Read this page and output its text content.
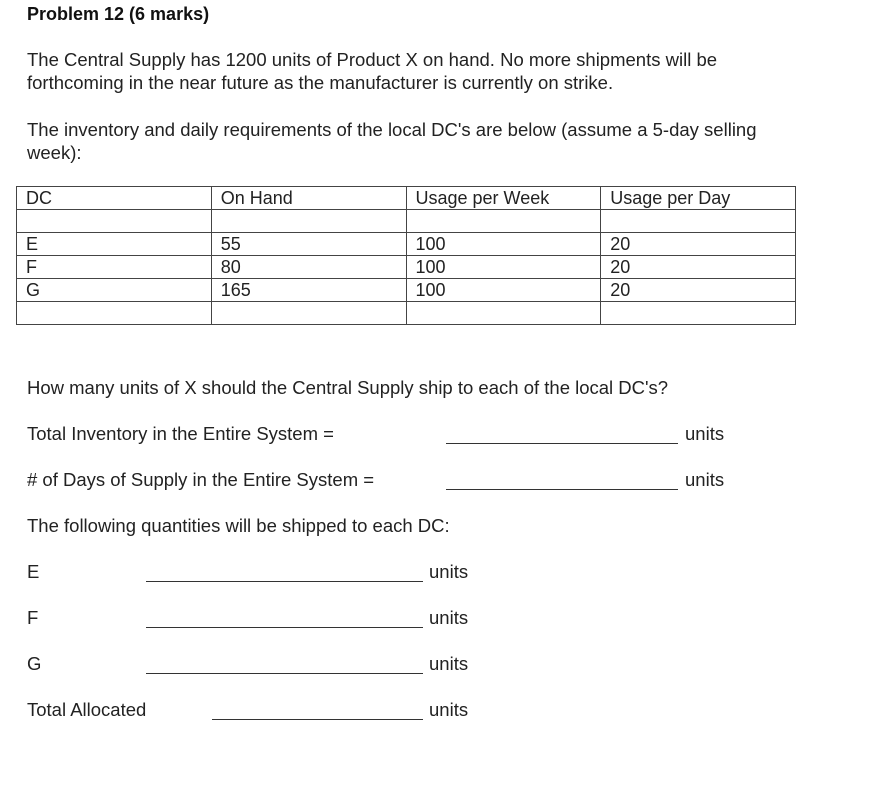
Problem 12 (6 marks)
The Central Supply has 1200 units of Product X on hand. No more shipments will be forthcoming in the near future as the manufacturer is currently on strike.
The inventory and daily requirements of the local DC's are below (assume a 5-day selling week):
DC	On Hand	Usage per Week	Usage per Day

E	55	100	20
F	80	100	20
G	165	100	20

How many units of X should the Central Supply ship to each of the local DC's?
Total Inventory in the Entire System =	units
# of Days of Supply in the Entire System =	units
The following quantities will be shipped to each DC:
E	units
F	units
G	units
Total Allocated	units
